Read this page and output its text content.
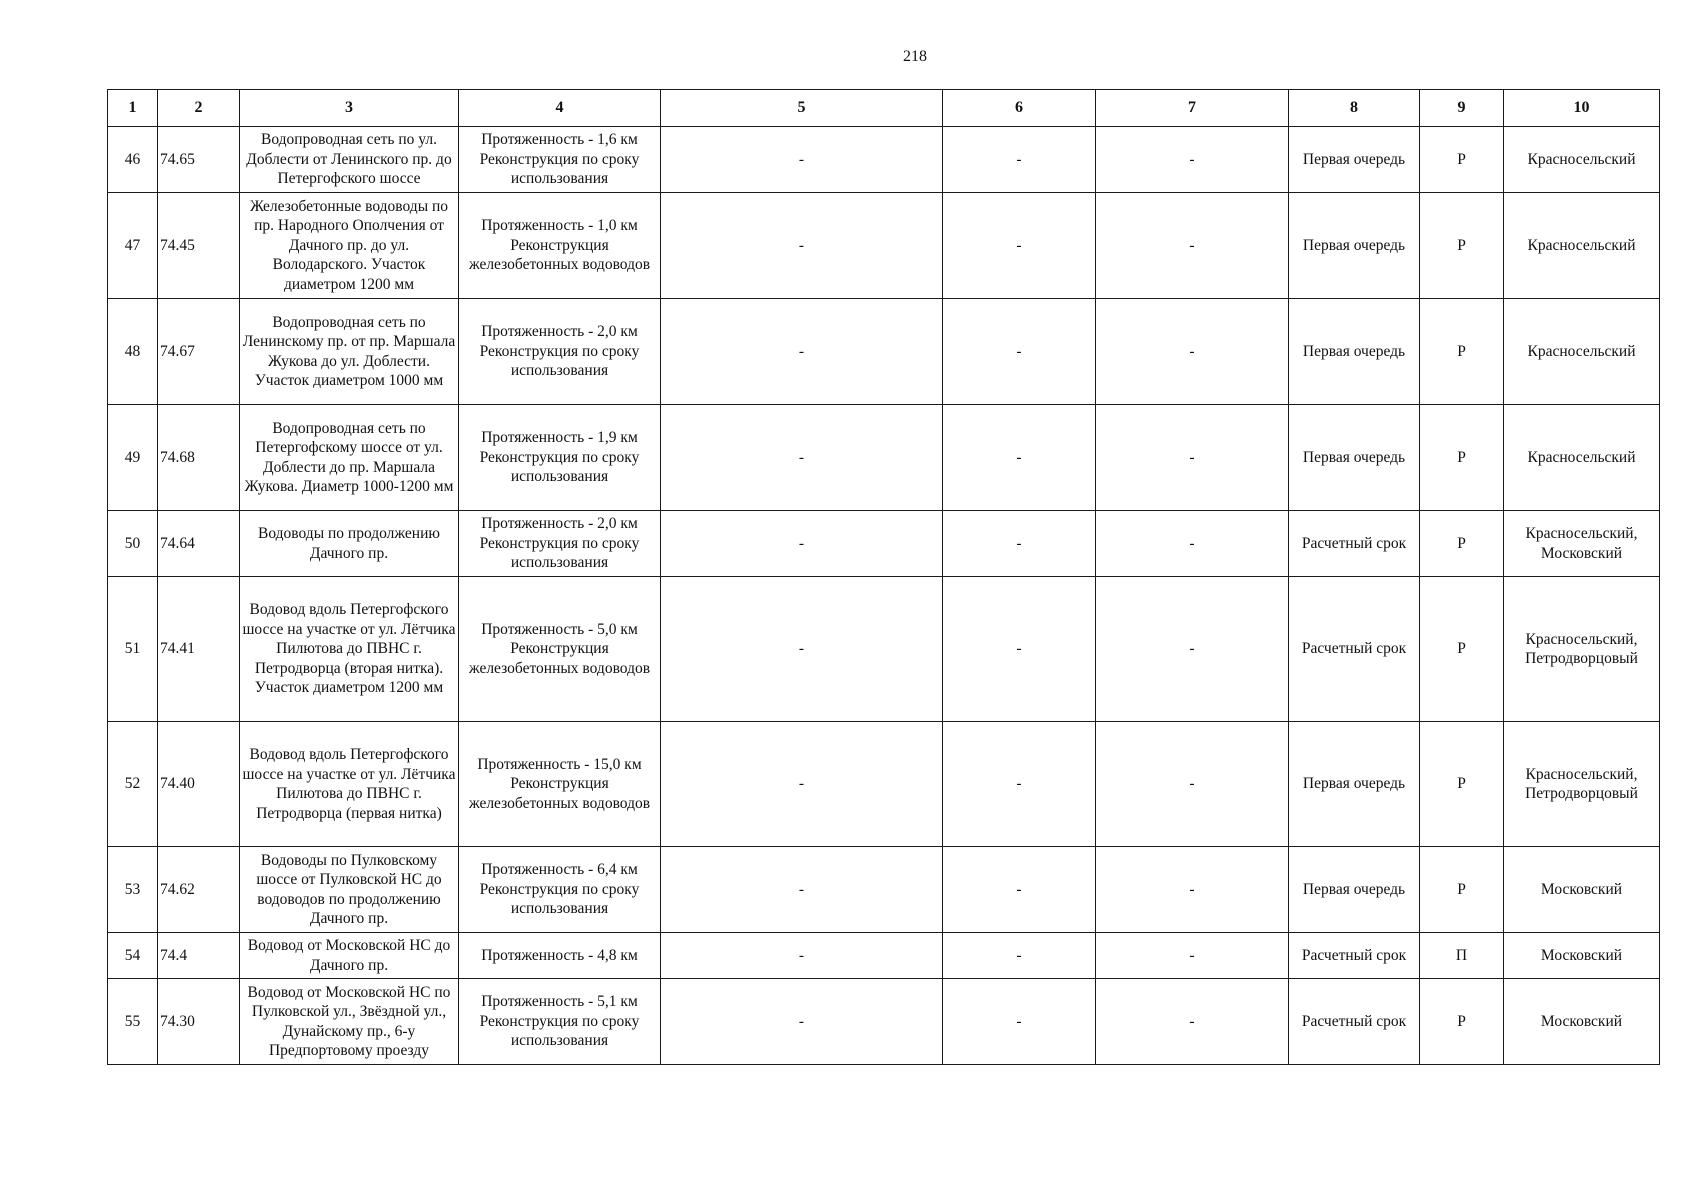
218
1	2	3	4	5	6	7	8	9	10
46	74.65	Водопроводная сеть по ул. Доблести от Ленинского пр. до Петергофского шоссе	Протяженность - 1,6 км Реконструкция по сроку использования	-	-	-	Первая очередь	Р	Красносельский
47	74.45	Железобетонные водоводы по пр. Народного Ополчения от Дачного пр. до ул. Володарского. Участок диаметром 1200 мм	Протяженность - 1,0 км Реконструкция железобетонных водоводов	-	-	-	Первая очередь	Р	Красносельский
48	74.67	Водопроводная сеть по Ленинскому пр. от пр. Маршала Жукова до ул. Доблести. Участок диаметром 1000 мм	Протяженность - 2,0 км Реконструкция по сроку использования	-	-	-	Первая очередь	Р	Красносельский
49	74.68	Водопроводная сеть по Петергофскому шоссе от ул. Доблести до пр. Маршала Жукова. Диаметр 1000-1200 мм	Протяженность - 1,9 км Реконструкция по сроку использования	-	-	-	Первая очередь	Р	Красносельский
50	74.64	Водоводы по продолжению Дачного пр.	Протяженность - 2,0 км Реконструкция по сроку использования	-	-	-	Расчетный срок	Р	Красносельский, Московский
51	74.41	Водовод вдоль Петергофского шоссе на участке от ул. Лётчика Пилютова до ПВНС г. Петродворца (вторая нитка). Участок диаметром 1200 мм	Протяженность - 5,0 км Реконструкция железобетонных водоводов	-	-	-	Расчетный срок	Р	Красносельский, Петродворцовый
52	74.40	Водовод вдоль Петергофского шоссе на участке от ул. Лётчика Пилютова до ПВНС г. Петродворца (первая нитка)	Протяженность - 15,0 км Реконструкция железобетонных водоводов	-	-	-	Первая очередь	Р	Красносельский, Петродворцовый
53	74.62	Водоводы по Пулковскому шоссе от Пулковской НС до водоводов по продолжению Дачного пр.	Протяженность - 6,4 км Реконструкция по сроку использования	-	-	-	Первая очередь	Р	Московский
54	74.4	Водовод от Московской НС до Дачного пр.	Протяженность - 4,8 км	-	-	-	Расчетный срок	П	Московский
55	74.30	Водовод от Московской НС по Пулковской ул., Звёздной ул., Дунайскому пр., 6-у Предпортовому проезду	Протяженность - 5,1 км Реконструкция по сроку использования	-	-	-	Расчетный срок	Р	Московский
